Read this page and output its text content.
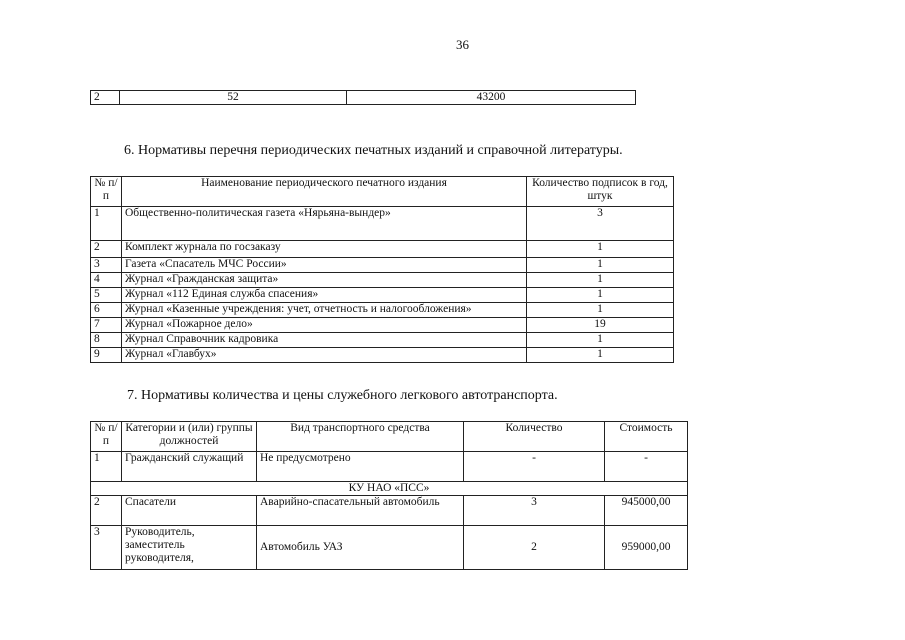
36
2	52	43200
6. Нормативы перечня периодических печатных изданий и справочной литературы.
№ п/п	Наименование периодического печатного издания	Количество подписок в год, штук
1	Общественно-политическая газета «Нярьяна-вындер»	3
2	Комплект журнала по госзаказу	1
3	Газета «Спасатель МЧС России»	1
4	Журнал «Гражданская защита»	1
5	Журнал «112 Единая служба спасения»	1
6	Журнал «Казенные учреждения: учет, отчетность и налогообложения»	1
7	Журнал «Пожарное дело»	19
8	Журнал Справочник кадровика	1
9	Журнал «Главбух»	1
7. Нормативы количества и цены служебного легкового автотранспорта.
№ п/п	Категории и (или) группы должностей	Вид транспортного средства	Количество	Стоимость
1	Гражданский служащий	Не предусмотрено	-	-
КУ НАО «ПСС»				
2	Спасатели	Аварийно-спасательный автомобиль	3	945000,00
3	Руководитель, заместитель руководителя,	Автомобиль УАЗ	2	959000,00
